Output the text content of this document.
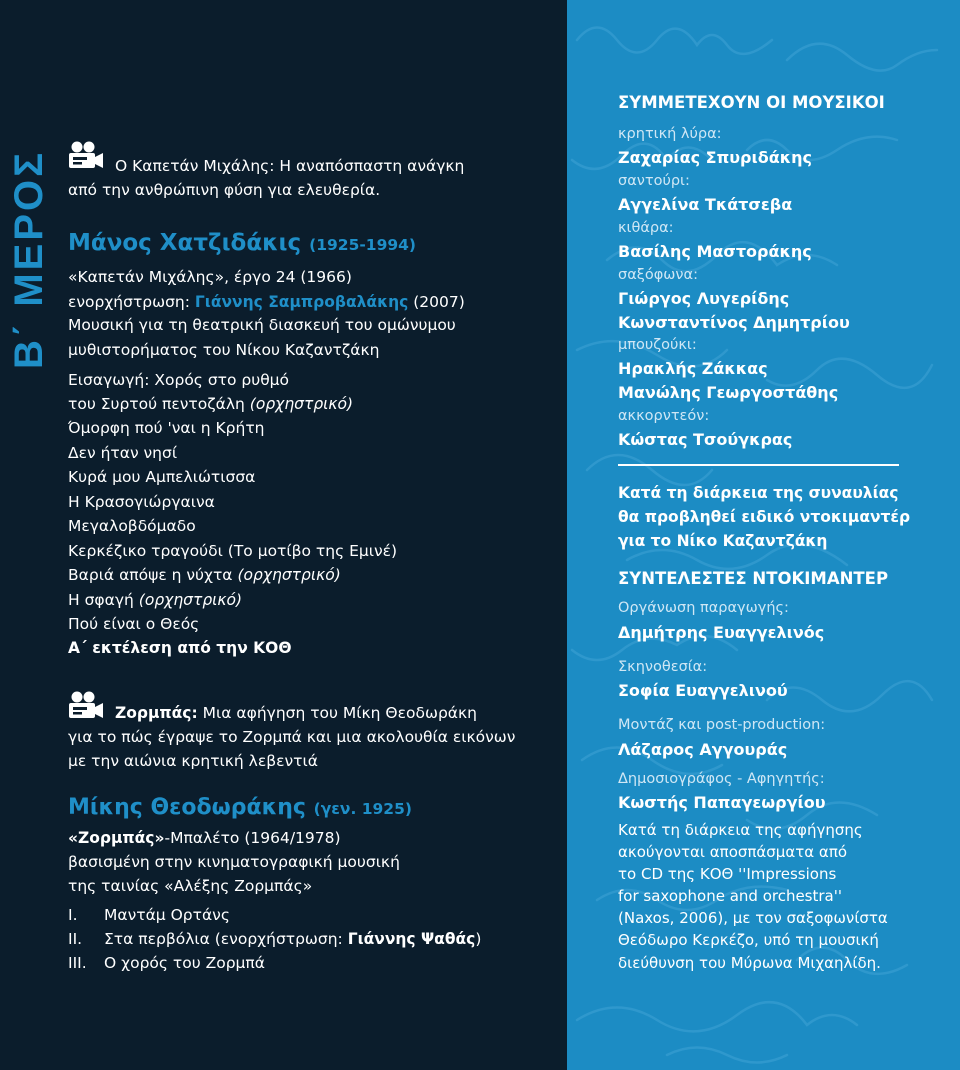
Β΄ ΜΕΡΟΣ	Ο Καπετάν Μιχάλης: Η αναπόσπαστη ανάγκη
από την ανθρώπινη φύση για ελευθερία.
Μάνος Χατζιδάκις (1925-1994)
«Καπετάν Μιχάλης», έργο 24 (1966)
ενορχήστρωση: Γιάννης Σαμπροβαλάκης (2007)
Μουσική για τη θεατρική διασκευή του ομώνυμου
μυθιστορήματος του Νίκου Καζαντζάκη
Εισαγωγή: Χορός στο ρυθμό
του Συρτού πεντοζάλη (ορχηστρικό)
Όμορφη πού 'ναι η Κρήτη
Δεν ήταν νησί
Κυρά μου Αμπελιώτισσα
Η Κρασογιώργαινα
Μεγαλοβδόμαδο
Κερκέζικο τραγούδι (Το μοτίβο της Εμινέ)
Βαριά απόψε η νύχτα (ορχηστρικό)
Η σφαγή (ορχηστρικό)
Πού είναι ο Θεός
Α΄ εκτέλεση από την ΚΟΘ
Ζορμπάς: Μια αφήγηση του Μίκη Θεοδωράκη
για το πώς έγραψε το Ζορμπά και μια ακολουθία εικόνων
με την αιώνια κρητική λεβεντιά
Μίκης Θεοδωράκης (γεν. 1925)
«Ζορμπάς»-Μπαλέτο (1964/1978)
βασισμένη στην κινηματογραφική μουσική
της ταινίας «Αλέξης Ζορμπάς»
I. Μαντάμ Ορτάνς
II. Στα περβόλια (ενορχήστρωση: Γιάννης Ψαθάς)
III. Ο χορός του Ζορμπά
ΣΥΜΜΕΤΕΧΟΥΝ ΟΙ ΜΟΥΣΙΚΟΙ
κρητική λύρα:
Ζαχαρίας Σπυριδάκης
σαντούρι:
Αγγελίνα Τκάτσεβα
κιθάρα:
Βασίλης Μαστοράκης
σαξόφωνα:
Γιώργος Λυγερίδης
Κωνσταντίνος Δημητρίου
μπουζούκι:
Ηρακλής Ζάκκας
Μανώλης Γεωργοστάθης
ακκορντεόν:
Κώστας Τσούγκρας
Κατά τη διάρκεια της συναυλίας
θα προβληθεί ειδικό ντοκιμαντέρ
για το Νίκο Καζαντζάκη
ΣΥΝΤΕΛΕΣΤΕΣ ΝΤΟΚΙΜΑΝΤΕΡ
Οργάνωση παραγωγής:
Δημήτρης Ευαγγελινός
Σκηνοθεσία:
Σοφία Ευαγγελινού
Μοντάζ και post-production:
Λάζαρος Αγγουράς
Δημοσιογράφος - Αφηγητής:
Κωστής Παπαγεωργίου
Κατά τη διάρκεια της αφήγησης
ακούγονται αποσπάσματα από
το CD της ΚΟΘ ''Impressions
for saxophone and orchestra''
(Naxos, 2006), με τον σαξοφωνίστα
Θεόδωρο Κερκέζο, υπό τη μουσική
διεύθυνση του Μύρωνα Μιχαηλίδη.
